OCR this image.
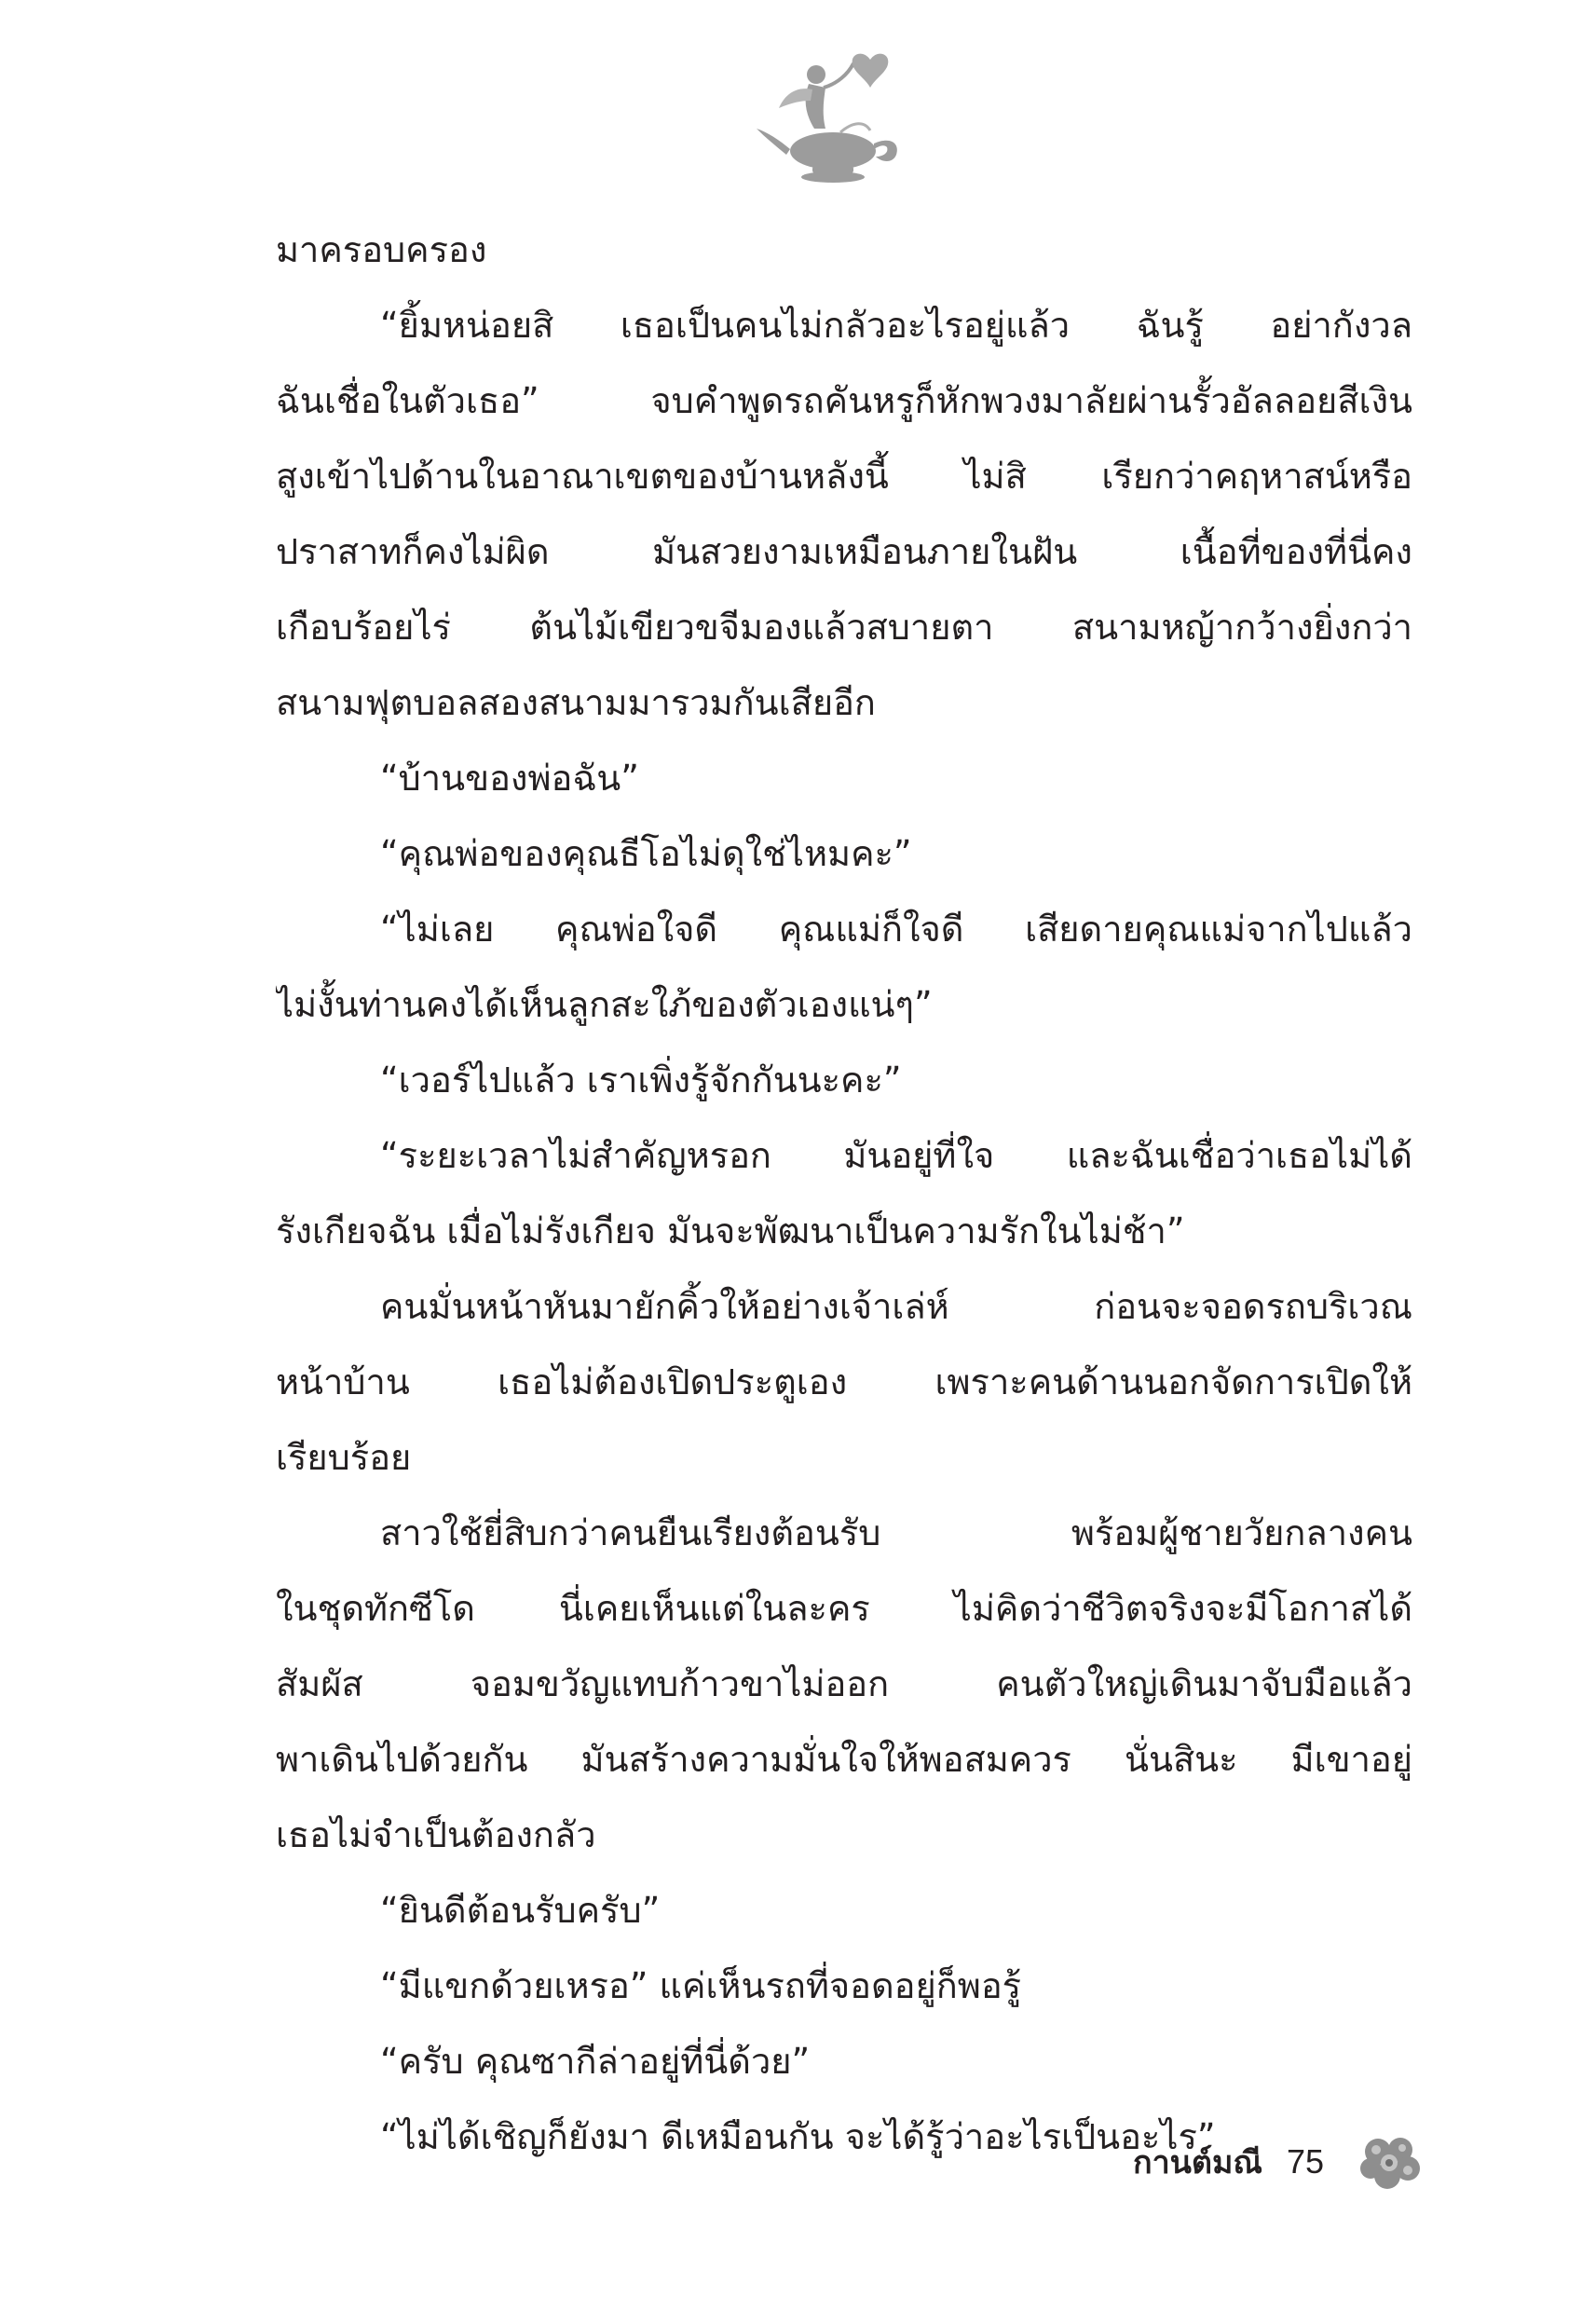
มาครอบครอง
“ยิ้มหน่อยสิ เธอเป็นคนไม่กลัวอะไรอยู่แล้ว ฉันรู้ อย่ากังวล
ฉันเชื่อในตัวเธอ” จบคำพูดรถคันหรูก็หักพวงมาลัยผ่านรั้วอัลลอยสีเงิน
สูงเข้าไปด้านในอาณาเขตของบ้านหลังนี้ ไม่สิ เรียกว่าคฤหาสน์หรือ
ปราสาทก็คงไม่ผิด มันสวยงามเหมือนภายในฝัน เนื้อที่ของที่นี่คง
เกือบร้อยไร่ ต้นไม้เขียวขจีมองแล้วสบายตา สนามหญ้ากว้างยิ่งกว่า
สนามฟุตบอลสองสนามมารวมกันเสียอีก
“บ้านของพ่อฉัน”
“คุณพ่อของคุณธีโอไม่ดุใช่ไหมคะ”
“ไม่เลย คุณพ่อใจดี คุณแม่ก็ใจดี เสียดายคุณแม่จากไปแล้ว
ไม่งั้นท่านคงได้เห็นลูกสะใภ้ของตัวเองแน่ๆ”
“เวอร์ไปแล้ว เราเพิ่งรู้จักกันนะคะ”
“ระยะเวลาไม่สำคัญหรอก มันอยู่ที่ใจ และฉันเชื่อว่าเธอไม่ได้
รังเกียจฉัน เมื่อไม่รังเกียจ มันจะพัฒนาเป็นความรักในไม่ช้า”
คนมั่นหน้าหันมายักคิ้วให้อย่างเจ้าเล่ห์ ก่อนจะจอดรถบริเวณ
หน้าบ้าน เธอไม่ต้องเปิดประตูเอง เพราะคนด้านนอกจัดการเปิดให้
เรียบร้อย
สาวใช้ยี่สิบกว่าคนยืนเรียงต้อนรับ พร้อมผู้ชายวัยกลางคน
ในชุดทักซีโด นี่เคยเห็นแต่ในละคร ไม่คิดว่าชีวิตจริงจะมีโอกาสได้
สัมผัส จอมขวัญแทบก้าวขาไม่ออก คนตัวใหญ่เดินมาจับมือแล้ว
พาเดินไปด้วยกัน มันสร้างความมั่นใจให้พอสมควร นั่นสินะ มีเขาอยู่
เธอไม่จำเป็นต้องกลัว
“ยินดีต้อนรับครับ”
“มีแขกด้วยเหรอ” แค่เห็นรถที่จอดอยู่ก็พอรู้
“ครับ คุณซากีล่าอยู่ที่นี่ด้วย”
“ไม่ได้เชิญก็ยังมา ดีเหมือนกัน จะได้รู้ว่าอะไรเป็นอะไร”
กานต์มณี 75
